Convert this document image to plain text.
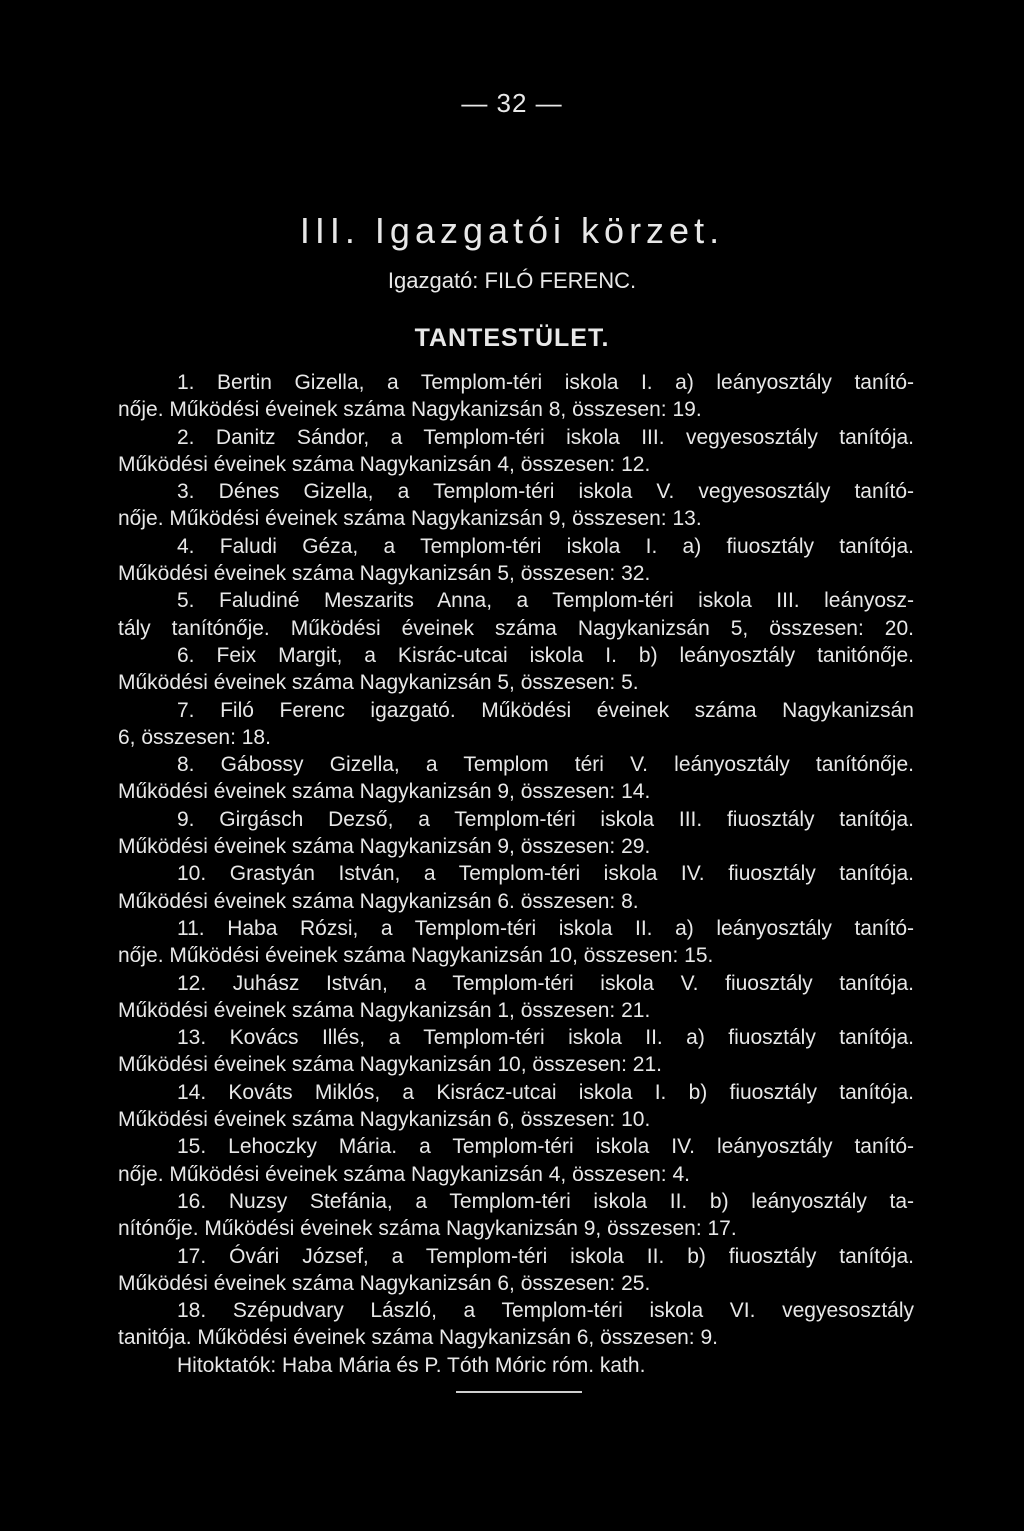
— 32 —
III. Igazgatói körzet.
Igazgató: FILÓ FERENC.
TANTESTÜLET.
1. Bertin Gizella, a Templom-téri iskola I. a) leányosztály tanító-
nője. Működési éveinek száma Nagykanizsán 8, összesen: 19.
2. Danitz Sándor, a Templom-téri iskola III. vegyesosztály tanítója.
Működési éveinek száma Nagykanizsán 4, összesen: 12.
3. Dénes Gizella, a Templom-téri iskola V. vegyesosztály tanító-
nője. Működési éveinek száma Nagykanizsán 9, összesen: 13.
4. Faludi Géza, a Templom-téri iskola I. a) fiuosztály tanítója.
Működési éveinek száma Nagykanizsán 5, összesen: 32.
5. Faludiné Meszarits Anna, a Templom-téri iskola III. leányosz-
tály tanítónője. Működési éveinek száma Nagykanizsán 5, összesen: 20.
6. Feix Margit, a Kisrác-utcai iskola I. b) leányosztály tanitónője.
Működési éveinek száma Nagykanizsán 5, összesen: 5.
7. Filó Ferenc igazgató. Működési éveinek száma Nagykanizsán
6, összesen: 18.
8. Gábossy Gizella, a Templom téri V. leányosztály tanítónője.
Működési éveinek száma Nagykanizsán 9, összesen: 14.
9. Girgásch Dezső, a Templom-téri iskola III. fiuosztály tanítója.
Működési éveinek száma Nagykanizsán 9, összesen: 29.
10. Grastyán István, a Templom-téri iskola IV. fiuosztály tanítója.
Működési éveinek száma Nagykanizsán 6. összesen: 8.
11. Haba Rózsi, a Templom-téri iskola II. a) leányosztály tanító-
nője. Működési éveinek száma Nagykanizsán 10, összesen: 15.
12. Juhász István, a Templom-téri iskola V. fiuosztály tanítója.
Működési éveinek száma Nagykanizsán 1, összesen: 21.
13. Kovács Illés, a Templom-téri iskola II. a) fiuosztály tanítója.
Működési éveinek száma Nagykanizsán 10, összesen: 21.
14. Kováts Miklós, a Kisrácz-utcai iskola I. b) fiuosztály tanítója.
Működési éveinek száma Nagykanizsán 6, összesen: 10.
15. Lehoczky Mária. a Templom-téri iskola IV. leányosztály tanító-
nője. Működési éveinek száma Nagykanizsán 4, összesen: 4.
16. Nuzsy Stefánia, a Templom-téri iskola II. b) leányosztály ta-
nítónője. Működési éveinek száma Nagykanizsán 9, összesen: 17.
17. Óvári József, a Templom-téri iskola II. b) fiuosztály tanítója.
Működési éveinek száma Nagykanizsán 6, összesen: 25.
18. Szépudvary László, a Templom-téri iskola VI. vegyesosztály
tanitója. Működési éveinek száma Nagykanizsán 6, összesen: 9.
Hitoktatók: Haba Mária és P. Tóth Móric róm. kath.
